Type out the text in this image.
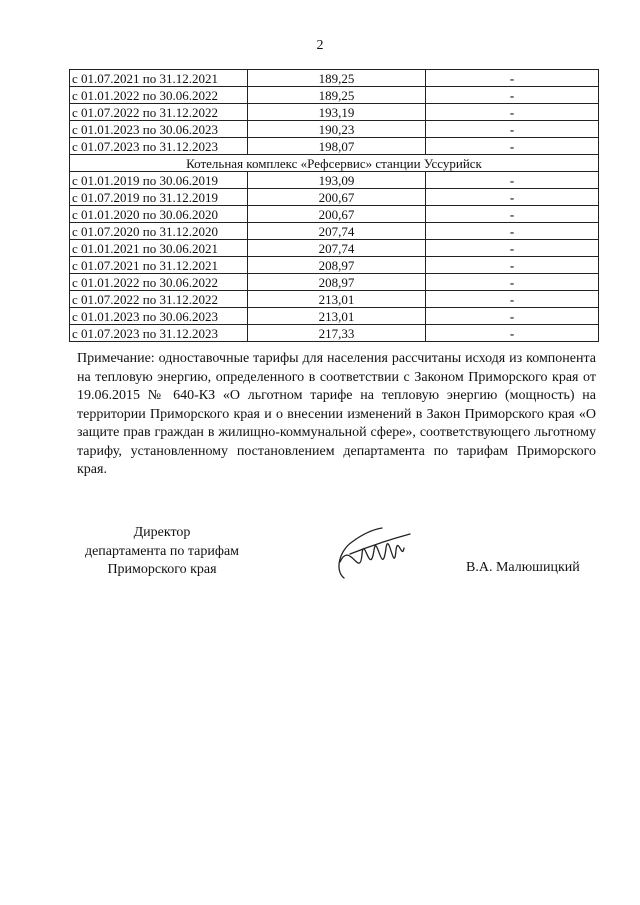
2
с 01.07.2021 по 31.12.2021	189,25	-
с 01.01.2022 по 30.06.2022	189,25	-
с 01.07.2022 по 31.12.2022	193,19	-
с 01.01.2023 по 30.06.2023	190,23	-
с 01.07.2023 по 31.12.2023	198,07	-
Котельная комплекс «Рефсервис» станции Уссурийск		
с 01.01.2019 по 30.06.2019	193,09	-
с 01.07.2019 по 31.12.2019	200,67	-
с 01.01.2020 по 30.06.2020	200,67	-
с 01.07.2020 по 31.12.2020	207,74	-
с 01.01.2021 по 30.06.2021	207,74	-
с 01.07.2021 по 31.12.2021	208,97	-
с 01.01.2022 по 30.06.2022	208,97	-
с 01.07.2022 по 31.12.2022	213,01	-
с 01.01.2023 по 30.06.2023	213,01	-
с 01.07.2023 по 31.12.2023	217,33	-
Примечание: одноставочные тарифы для населения рассчитаны исходя из компонента на тепловую энергию, определенного в соответствии с Законом Приморского края от 19.06.2015 № 640-КЗ «О льготном тарифе на тепловую энергию (мощность) на территории Приморского края и о внесении изменений в Закон Приморского края «О защите прав граждан в жилищно-коммунальной сфере», соответствующего льготному тарифу, установленному постановлением департамента по тарифам Приморского края.
Директор
департамента по тарифам
Приморского края	В.А. Малюшицкий
